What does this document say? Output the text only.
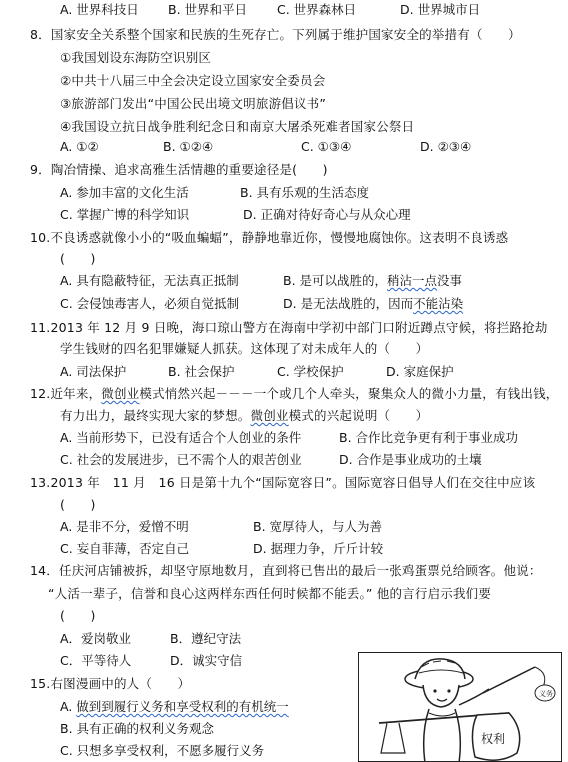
A. 世界科技日 B. 世界和平日 C. 世界森林日	D. 世界城市日
8．国家安全关系整个国家和民族的生死存亡。下列属于维护国家安全的举措有（　　）
①我国划设东海防空识别区
②中共十八届三中全会决定设立国家安全委员会
③旅游部门发出“中国公民出境文明旅游倡议书”
④我国设立抗日战争胜利纪念日和南京大屠杀死难者国家公祭日
A. ①②	B. ①②④	C. ①③④	D. ②③④
9．陶冶情操、追求高雅生活情趣的重要途径是(　　)
A. 参加丰富的文化生活	B. 具有乐观的生活态度
C. 掌握广博的科学知识	D. 正确对待好奇心与从众心理
10.不良诱惑就像小小的“吸血蝙蝠”，静静地靠近你，慢慢地腐蚀你。这表明不良诱惑
(　　)
A. 具有隐蔽特征，无法真正抵制	B. 是可以战胜的，稍沾一点没事
C. 会侵蚀毒害人，必须自觉抵制	D. 是无法战胜的，因而不能沾染
11.2013 年 12 月 9 日晚，海口琼山警方在海南中学初中部门口附近蹲点守候，将拦路抢劫
学生钱财的四名犯罪嫌疑人抓获。这体现了对未成年人的（　　）
A. 司法保护	B. 社会保护	C. 学校保护	D. 家庭保护
12.近年来，微创业模式悄然兴起－－－一个或几个人牵头，聚集众人的微小力量，有钱出钱，
有力出力，最终实现大家的梦想。微创业模式的兴起说明（　　）
A. 当前形势下，已没有适合个人创业的条件	B. 合作比竞争更有利于事业成功
C. 社会的发展进步，已不需个人的艰苦创业	D. 合作是事业成功的土壤
13.2013 年　11 月　16 日是第十九个“国际宽容日”。国际宽容日倡导人们在交往中应该
(　　)
A. 是非不分，爱憎不明	B. 宽厚待人，与人为善
C. 妄自菲薄，否定自己	D. 据理力争，斤斤计较
14．任庆河店铺被拆，却坚守原地数月，直到将已售出的最后一张鸡蛋票兑给顾客。他说：
“人活一辈子，信誉和良心这两样东西任何时候都不能丢。” 他的言行启示我们要
(　　)
A．爱岗敬业	B．遵纪守法
C．平等待人	D．诚实守信
15.右图漫画中的人（　　）
A. 做到到履行义务和享受权利的有机统一
B. 具有正确的权利义务观念
C. 只想多享受权利，不愿多履行义务
义务
权利
